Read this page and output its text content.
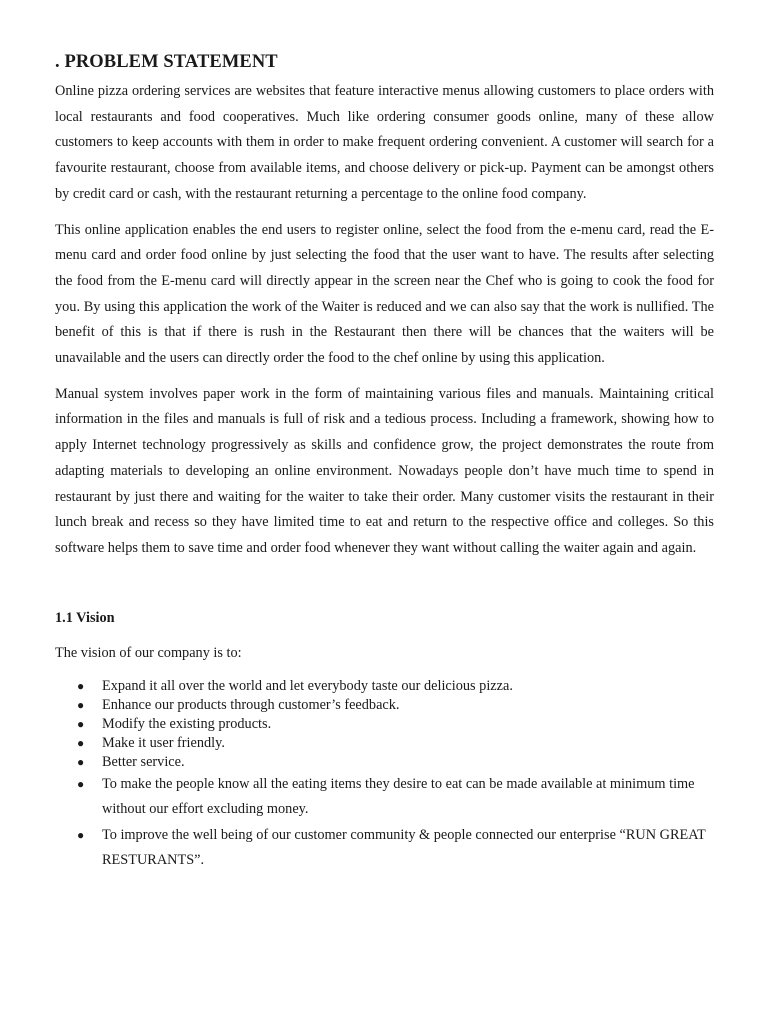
. PROBLEM STATEMENT

Online pizza ordering services are websites that feature interactive menus allowing customers to place orders with local restaurants and food cooperatives. Much like ordering consumer goods online, many of these allow customers to keep accounts with them in order to make frequent ordering convenient. A customer will search for a favourite restaurant, choose from available items, and choose delivery or pick-up. Payment can be amongst others by credit card or cash, with the restaurant returning a percentage to the online food company.

This online application enables the end users to register online, select the food from the e-menu card, read the E-menu card and order food online by just selecting the food that the user want to have. The results after selecting the food from the E-menu card will directly appear in the screen near the Chef who is going to cook the food for you. By using this application the work of the Waiter is reduced and we can also say that the work is nullified. The benefit of this is that if there is rush in the Restaurant then there will be chances that the waiters will be unavailable and the users can directly order the food to the chef online by using this application.

Manual system involves paper work in the form of maintaining various files and manuals. Maintaining critical information in the files and manuals is full of risk and a tedious process. Including a framework, showing how to apply Internet technology progressively as skills and confidence grow, the project demonstrates the route from adapting materials to developing an online environment. Nowadays people don’t have much time to spend in restaurant by just there and waiting for the waiter to take their order. Many customer visits the restaurant in their lunch break and recess so they have limited time to eat and return to the respective office and colleges. So this software helps them to save time and order food whenever they want without calling the waiter again and again.

1.1 Vision
The vision of our company is to:
● Expand it all over the world and let everybody taste our delicious pizza.
● Enhance our products through customer’s feedback.
● Modify the existing products.
● Make it user friendly.
● Better service.
● To make the people know all the eating items they desire to eat can be made available at minimum time without our effort excluding money.
● To improve the well being of our customer community & people connected our enterprise “RUN GREAT RESTURANTS”.
